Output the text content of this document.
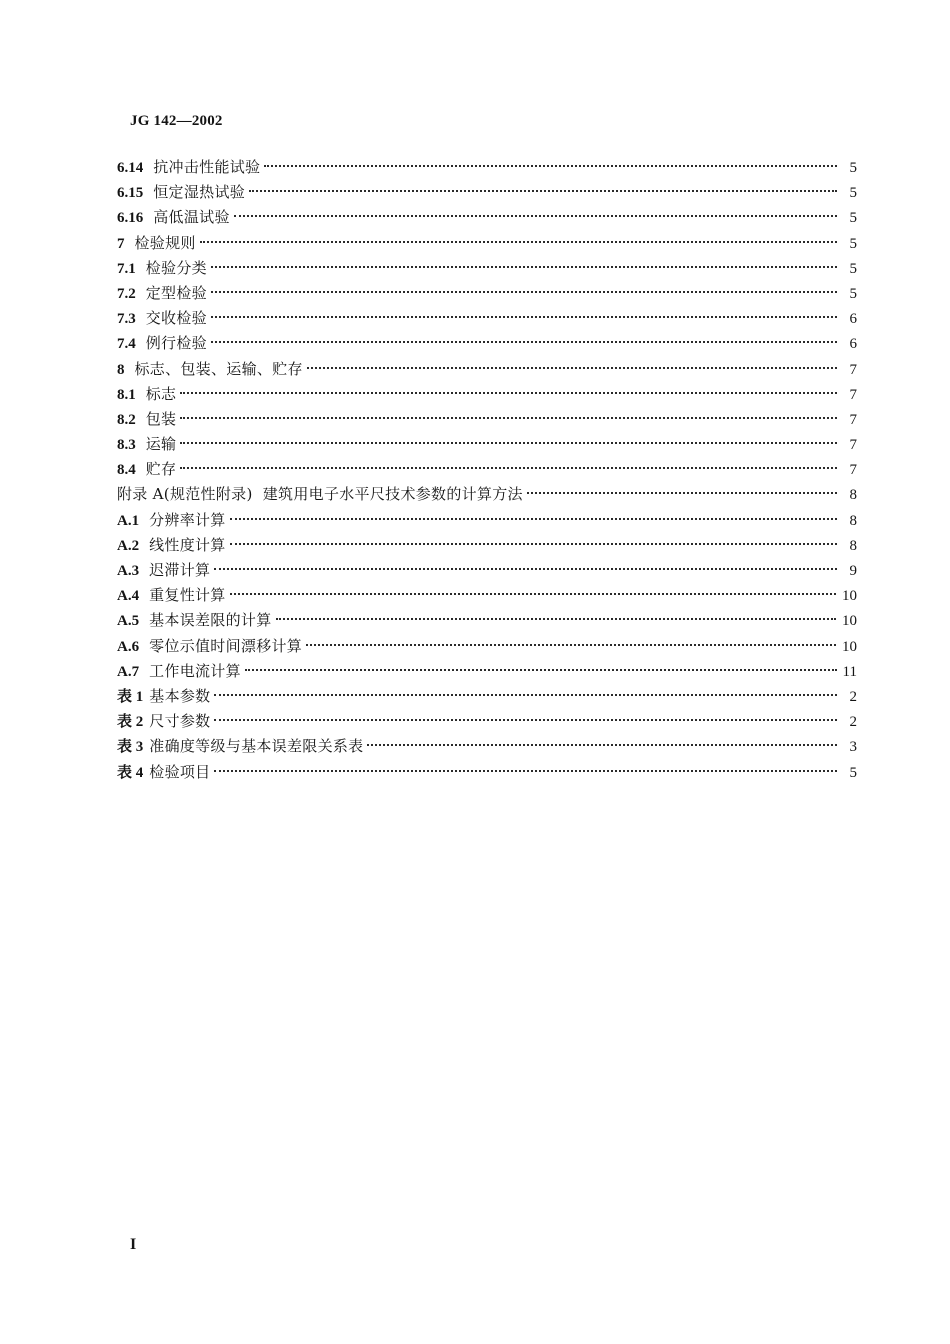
JG 142—2002
6.14 抗冲击性能试验	5
6.15 恒定湿热试验	5
6.16 高低温试验	5
7 检验规则	5
7.1 检验分类	5
7.2 定型检验	5
7.3 交收检验	6
7.4 例行检验	6
8 标志、包装、运输、贮存	7
8.1 标志	7
8.2 包装	7
8.3 运输	7
8.4 贮存	7
附录 A(规范性附录)  建筑用电子水平尺技术参数的计算方法	8
A.1 分辨率计算	8
A.2 线性度计算	8
A.3 迟滞计算	9
A.4 重复性计算	10
A.5 基本误差限的计算	10
A.6 零位示值时间漂移计算	10
A.7 工作电流计算	11
表 1 基本参数	2
表 2 尺寸参数	2
表 3 准确度等级与基本误差限关系表	3
表 4 检验项目	5
I
